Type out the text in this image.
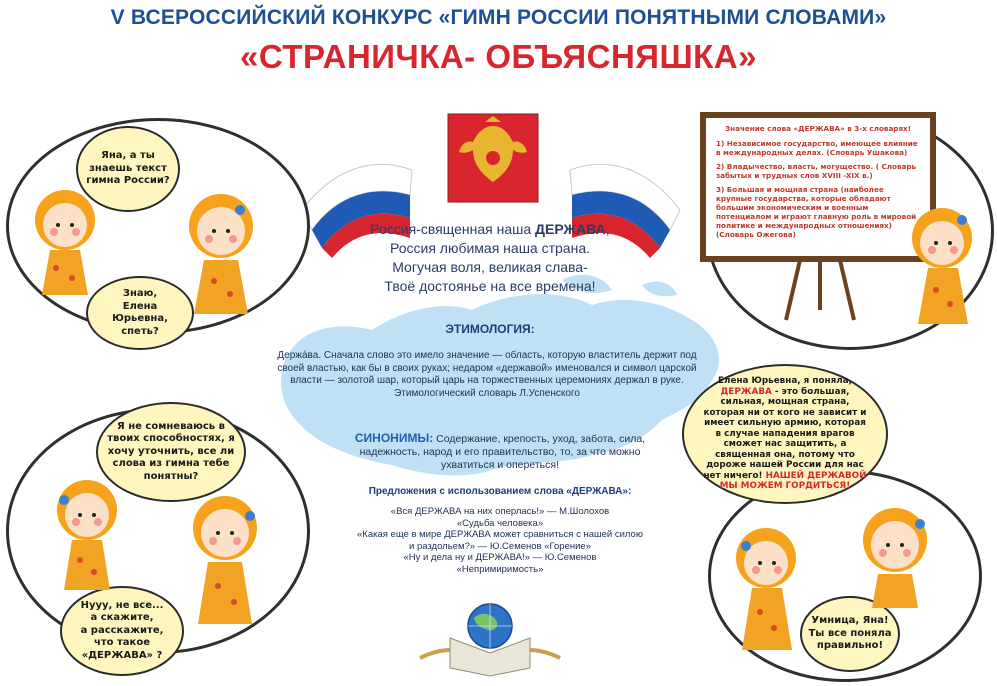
V ВСЕРОССИЙСКИЙ КОНКУРС «ГИМН РОССИИ ПОНЯТНЫМИ СЛОВАМИ»
«СТРАНИЧКА- ОБЪЯСНЯШКА»
Россия-священная наша ДЕРЖАВА,
Россия любимая наша страна.
Могучая воля, великая слава-
Твоё достоянье на все времена!
ЭТИМОЛОГИЯ:
Держáва. Сначала слово это имело значение — область, которую властитель держит под своей властью, как бы в своих руках; недаром «державой» именовался и символ царской власти — золотой шар, который царь на торжественных церемониях держал в руке.
Этимологический словарь Л.Успенского
СИНОНИМЫ: Содержание, крепость, уход, забота, сила, надежность, народ и его правительство, то, за что можно ухватиться и опереться!
Предложения с использованием слова «ДЕРЖАВА»:
«Вся ДЕРЖАВА на них оперлась!» — М.Шолохов
«Судьба человека»
«Какая еще в мире ДЕРЖАВА может сравниться с нашей силою
и раздольем?» — Ю.Семенов «Горение»
«Ну и дела ну и ДЕРЖАВА!» — Ю.Семенов
«Непримиримость»
Яна, а ты
знаешь текст
гимна России?
Знаю,
Елена Юрьевна,
спеть?
Я не сомневаюсь в
твоих способностях, я
хочу уточнить, все ли
слова из гимна тебе
понятны?
Нууу, не все...
а скажите,
а расскажите,
что такое
«ДЕРЖАВА» ?
Значение слова «ДЕРЖАВА» в 3-х словарях!
1) Независимое государство, имеющее влияние в международных делах. (Словарь Ушакова)
2) Владычество, власть, могущество. ( Словарь забытых и трудных слов XVIII -XIX в.)
3) Большая и мощная страна (наиболее крупные государства, которые обладают большим экономическим и военным потенциалом и играют главную роль в мировой политике и международных отношениях) (Словарь Ожегова)
Елена Юрьевна, я поняла, ДЕРЖАВА - это большая, сильная, мощная страна, которая ни от кого не зависит и имеет сильную армию, которая в случае нападения врагов сможет нас защитить, а священная она, потому что дороже нашей России для нас нет ничего! НАШЕЙ ДЕРЖАВОЙ МЫ МОЖЕМ ГОРДИТЬСЯ!
Умница, Яна!
Ты все поняла
правильно!
